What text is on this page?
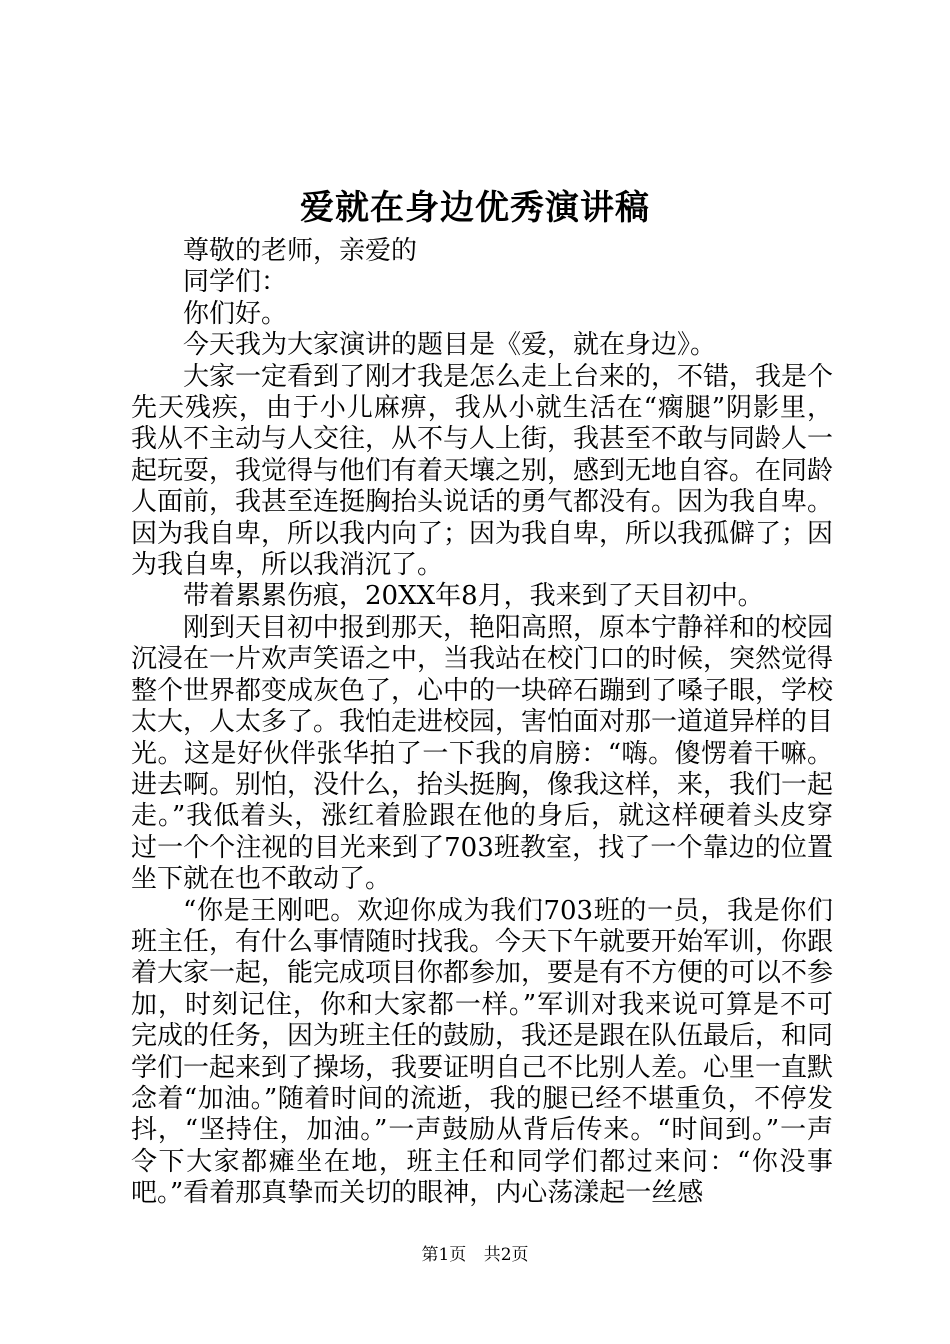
爱就在身边优秀演讲稿

尊敬的老师，亲爱的

同学们：

你们好。

今天我为大家演讲的题目是《爱，就在身边》。

大家一定看到了刚才我是怎么走上台来的，不错，我是个先天残疾，由于小儿麻痹，我从小就生活在“瘸腿”阴影里，我从不主动与人交往，从不与人上街，我甚至不敢与同龄人一起玩耍，我觉得与他们有着天壤之别，感到无地自容。在同龄人面前，我甚至连挺胸抬头说话的勇气都没有。因为我自卑。因为我自卑，所以我内向了；因为我自卑，所以我孤僻了；因为我自卑，所以我消沉了。

带着累累伤痕，20XX年8月，我来到了天目初中。

刚到天目初中报到那天，艳阳高照，原本宁静祥和的校园沉浸在一片欢声笑语之中，当我站在校门口的时候，突然觉得整个世界都变成灰色了，心中的一块碎石蹦到了嗓子眼，学校太大，人太多了。我怕走进校园，害怕面对那一道道异样的目光。这是好伙伴张华拍了一下我的肩膀：“嗨。傻愣着干嘛。进去啊。别怕，没什么，抬头挺胸，像我这样，来，我们一起走。”我低着头，涨红着脸跟在他的身后，就这样硬着头皮穿过一个个注视的目光来到了703班教室，找了一个靠边的位置坐下就在也不敢动了。

“你是王刚吧。欢迎你成为我们703班的一员，我是你们班主任，有什么事情随时找我。今天下午就要开始军训，你跟着大家一起，能完成项目你都参加，要是有不方便的可以不参加，时刻记住，你和大家都一样。”军训对我来说可算是不可完成的任务，因为班主任的鼓励，我还是跟在队伍最后，和同学们一起来到了操场，我要证明自己不比别人差。心里一直默念着“加油。”随着时间的流逝，我的腿已经不堪重负，不停发抖，“坚持住，加油。”一声鼓励从背后传来。“时间到。”一声令下大家都瘫坐在地，班主任和同学们都过来问：“你没事吧。”看着那真挚而关切的眼神，内心荡漾起一丝感

第1页 共2页
